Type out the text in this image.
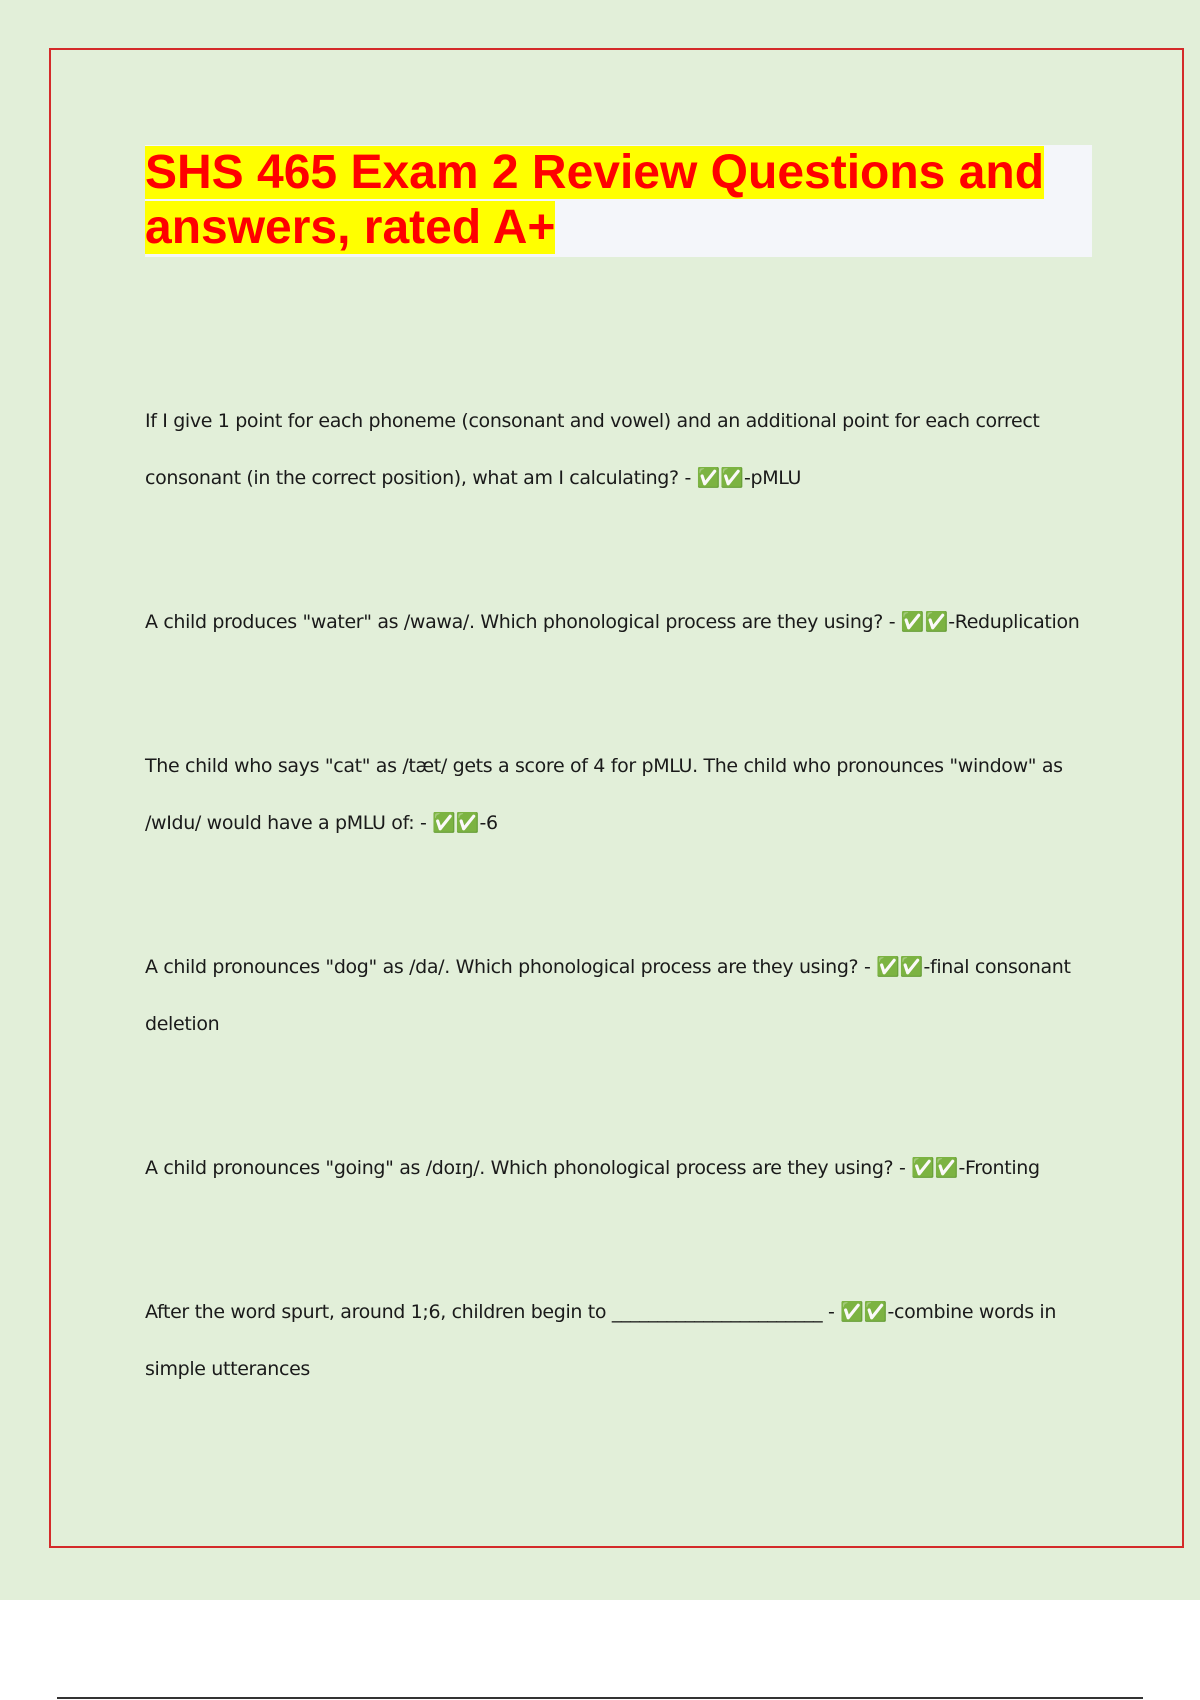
SHS 465 Exam 2 Review Questions and answers, rated A+

If I give 1 point for each phoneme (consonant and vowel) and an additional point for each correct consonant (in the correct position), what am I calculating? - ✅✅-pMLU

A child produces "water" as /wawa/. Which phonological process are they using? - ✅✅-Reduplication

The child who says "cat" as /tæt/ gets a score of 4 for pMLU. The child who pronounces "window" as /wIdu/ would have a pMLU of: - ✅✅-6

A child pronounces "dog" as /da/. Which phonological process are they using? - ✅✅-final consonant deletion

A child pronounces "going" as /doɪŋ/. Which phonological process are they using? - ✅✅-Fronting

After the word spurt, around 1;6, children begin to _______________________ - ✅✅-combine words in simple utterances
